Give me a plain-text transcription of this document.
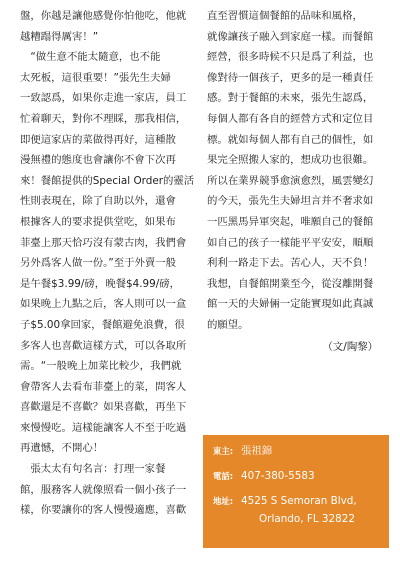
盤，你越是讓他感覺你怕他吃，他就

越糟蹋得厲害！”

　“做生意不能太隨意，也不能

太死板，這很重要！”張先生夫婦

一致認爲，如果你走進一家店，員工

忙着聊天，對你不理睬，那我相信，

即便這家店的菜做得再好，這種散

漫無禮的態度也會讓你不會下次再

來！餐館提供的Special Order的靈活

性則表現在，除了自助以外，還會

根據客人的要求提供堂吃，如果布

菲臺上那天恰巧沒有蒙古肉，我們會

另外爲客人做一份。”至于外賣一般

是午餐$3.99/磅，晚餐$4.99/磅，

如果晚上九點之后，客人則可以一盒

子$5.00拿回家，餐館避免浪費，很

多客人也喜歡這樣方式，可以各取所

需。“一般晚上加菜比較少，我們就

會帶客人去看布菲臺上的菜，問客人

喜歡還是不喜歡？如果喜歡，再坐下

來慢慢吃。這樣能讓客人不至于吃過

再遺憾，不開心！

　張太太有句名言：打理一家餐

館，服務客人就像照看一個小孩子一

樣，你要讓你的客人慢慢適應，喜歡

直至習慣這個餐館的品味和風格，

就像讓孩子融入到家庭一樣。而餐館

經營，很多時候不只是爲了利益，也

像對待一個孩子，更多的是一種責任

感。對于餐館的未來，張先生認爲，

每個人都有各自的經營方式和定位目

標。就如每個人都有自己的個性，如

果完全照搬人家的，想成功也很難。

所以在業界競爭愈演愈烈，風雲變幻

的今天，張先生夫婦坦言并不奢求如

一匹黑馬异軍突起，唯願自己的餐館

如自己的孩子一樣能平平安安，順順

利利一路走下去。苦心人，天不負！

我想，自餐館開業至今，從沒離開餐

館一天的夫婦倆一定能實現如此真誠

的願望。

（文/陶黎）

東主: 張祖錦
電話: 407-380-5583
地址: 4525 S Semoran Blvd,
Orlando, FL 32822
